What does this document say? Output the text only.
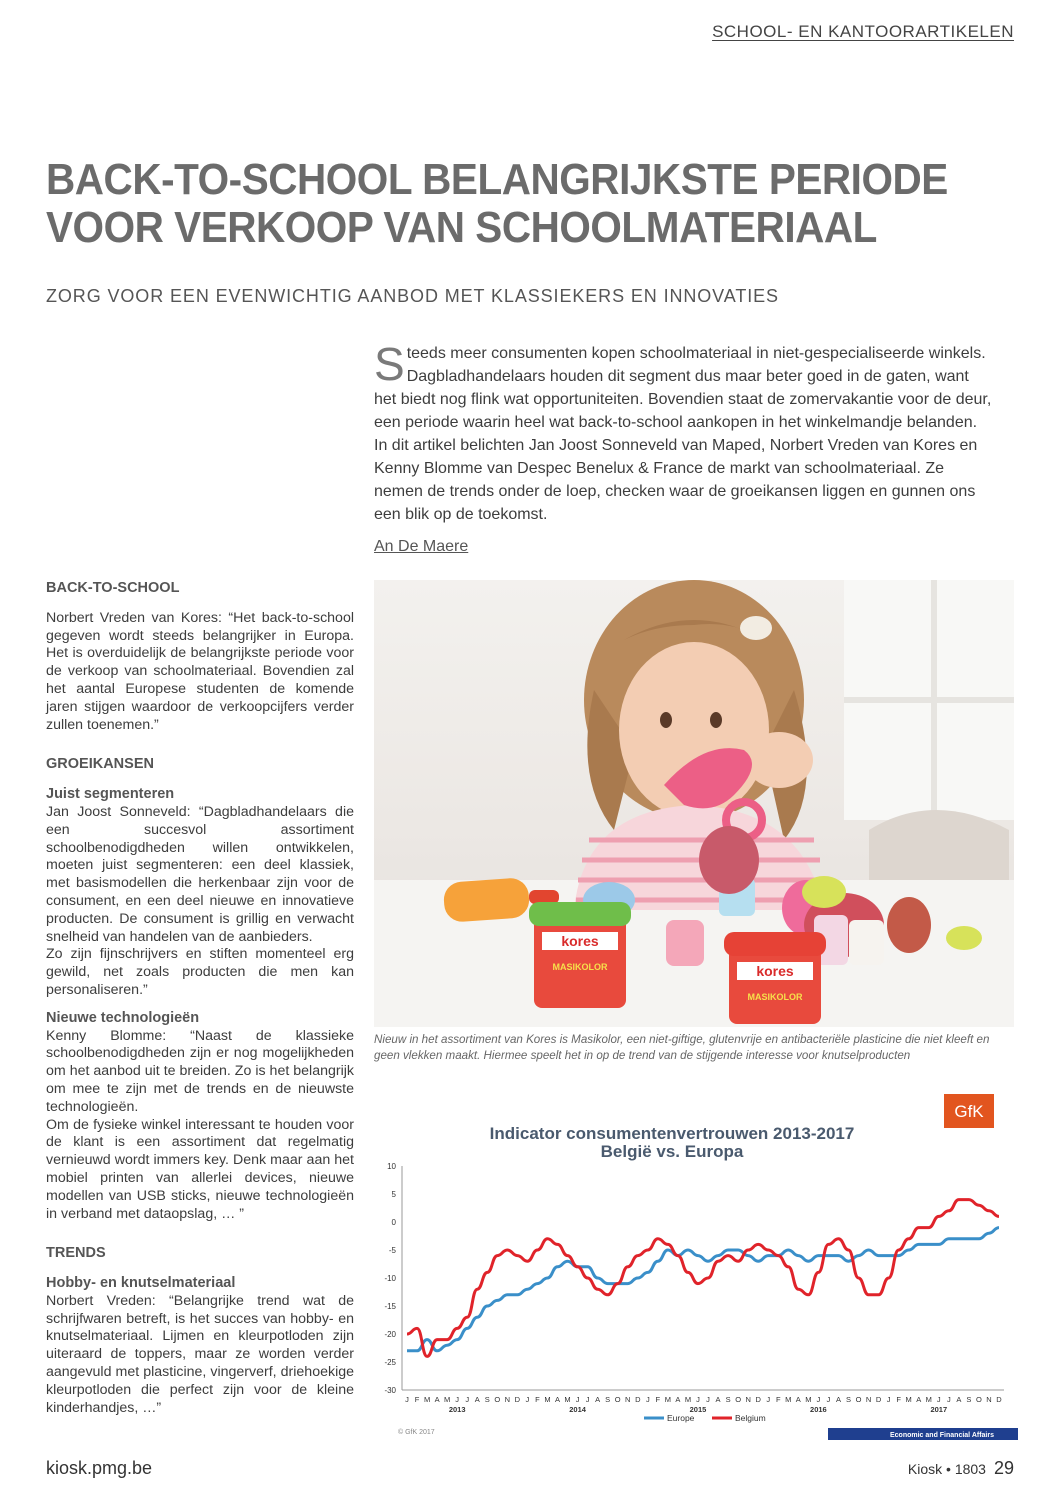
SCHOOL- EN KANTOORARTIKELEN
BACK-TO-SCHOOL BELANGRIJKSTE PERIODE
VOOR VERKOOP VAN SCHOOLMATERIAAL
ZORG VOOR EEN EVENWICHTIG AANBOD MET KLASSIEKERS EN INNOVATIES
Steeds meer consumenten kopen schoolmateriaal in niet-gespecialiseerde winkels. Dagbladhandelaars houden dit segment dus maar beter goed in de gaten, want het biedt nog flink wat opportuniteiten. Bovendien staat de zomervakantie voor de deur, een periode waarin heel wat back-to-school aankopen in het winkelmandje belanden. In dit artikel belichten Jan Joost Sonneveld van Maped, Norbert Vreden van Kores en Kenny Blomme van Despec Benelux & France de markt van schoolmateriaal. Ze nemen de trends onder de loep, checken waar de groeikansen liggen en gunnen ons een blik op de toekomst.
An De Maere
BACK-TO-SCHOOL

Norbert Vreden van Kores: “Het back-to-school gegeven wordt steeds belangrijker in Europa. Het is overduidelijk de belangrijkste periode voor de verkoop van schoolmateriaal. Bovendien zal het aantal Europese studenten de komende jaren stijgen waardoor de verkoopcijfers verder zullen toenemen.”

GROEIKANSEN
Juist segmenteren

Jan Joost Sonneveld: “Dagbladhandelaars die een succesvol assortiment schoolbenodigdheden willen ontwikkelen, moeten juist segmenteren: een deel klassiek, met basismodellen die herkenbaar zijn voor de consument, en een deel nieuwe en innovatieve producten. De consument is grillig en verwacht snelheid van handelen van de aanbieders.

Zo zijn fijnschrijvers en stiften momenteel erg gewild, net zoals producten die men kan personaliseren.”

Nieuwe technologieën

Kenny Blomme: “Naast de klassieke schoolbenodigdheden zijn er nog mogelijkheden om het aanbod uit te breiden. Zo is het belangrijk om mee te zijn met de trends en de nieuwste technologieën.

Om de fysieke winkel interessant te houden voor de klant is een assortiment dat regelmatig vernieuwd wordt immers key. Denk maar aan het mobiel printen van allerlei devices, nieuwe modellen van USB sticks, nieuwe technologieën in verband met dataopslag, … ”

TRENDS
Hobby- en knutselmateriaal

Norbert Vreden: “Belangrijke trend wat de schrijfwaren betreft, is het succes van hobby- en knutselmateriaal. Lijmen en kleurpotloden zijn uiteraard de toppers, maar ze worden verder aangevuld met plasticine, vingerverf, driehoekige kleurpotloden die perfect zijn voor de kleine kinderhandjes, …”

kores
MASIKOLOR	kores
MASIKOLOR
Nieuw in het assortiment van Kores is Masikolor, een niet-giftige, glutenvrije en antibacteriële plasticine die niet kleeft en geen vlekken maakt. Hiermee speelt het in op de trend van de stijgende interesse voor knutselproducten
GfK
Indicator consumentenvertrouwen 2013-2017
België vs. Europa
10
5
0
-5
-10
-15
-20
-25
-30
J F M A M J J A S O N D J F M A M J J A S O N D J F M A M J J A S O N D J F M A M J J A S O N D J F M A M J J A S O N D
2013	2014	2015	2016	2017
Europe	Belgium
© GfK 2017	Economic and Financial Affairs
kiosk.pmg.be	Kiosk • 1803 29
